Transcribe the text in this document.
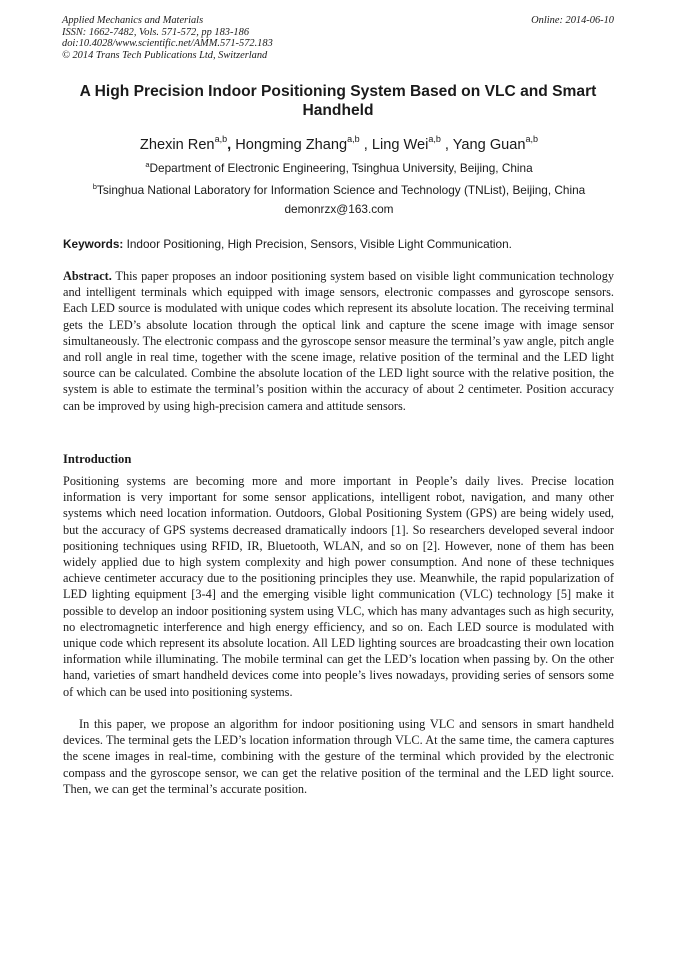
Applied Mechanics and Materials
ISSN: 1662-7482, Vols. 571-572, pp 183-186
doi:10.4028/www.scientific.net/AMM.571-572.183
© 2014 Trans Tech Publications Ltd, Switzerland
Online: 2014-06-10
A High Precision Indoor Positioning System Based on VLC and Smart Handheld
Zhexin Ren$^{a,b}$, Hongming Zhang$^{a,b}$ , Ling Wei$^{a,b}$ , Yang Guan$^{a,b}$
$^a$Department of Electronic Engineering, Tsinghua University, Beijing, China
$^b$Tsinghua National Laboratory for Information Science and Technology (TNList), Beijing, China
demonrzx@163.com
Keywords: Indoor Positioning, High Precision, Sensors, Visible Light Communication.
Abstract. This paper proposes an indoor positioning system based on visible light communication technology and intelligent terminals which equipped with image sensors, electronic compasses and gyroscope sensors. Each LED source is modulated with unique codes which represent its absolute location. The receiving terminal gets the LED’s absolute location through the optical link and capture the scene image with image sensor simultaneously. The electronic compass and the gyroscope sensor measure the terminal’s yaw angle, pitch angle and roll angle in real time, together with the scene image, relative position of the terminal and the LED light source can be calculated. Combine the absolute location of the LED light source with the relative position, the system is able to estimate the terminal’s position within the accuracy of about 2 centimeter. Position accuracy can be improved by using high-precision camera and attitude sensors.
Introduction
Positioning systems are becoming more and more important in People’s daily lives. Precise location information is very important for some sensor applications, intelligent robot, navigation, and many other systems which need location information. Outdoors, Global Positioning System (GPS) are being widely used, but the accuracy of GPS systems decreased dramatically indoors [1]. So researchers developed several indoor positioning techniques using RFID, IR, Bluetooth, WLAN, and so on [2]. However, none of them has been widely applied due to high system complexity and high power consumption. And none of these techniques achieve centimeter accuracy due to the positioning principles they use. Meanwhile, the rapid popularization of LED lighting equipment [3-4] and the emerging visible light communication (VLC) technology [5] make it possible to develop an indoor positioning system using VLC, which has many advantages such as high security, no electromagnetic interference and high energy efficiency, and so on. Each LED source is modulated with unique code which represent its absolute location. All LED lighting sources are broadcasting their own location information while illuminating. The mobile terminal can get the LED’s location when passing by. On the other hand, varieties of smart handheld devices come into people’s lives nowadays, providing series of sensors some of which can be used into positioning systems.
In this paper, we propose an algorithm for indoor positioning using VLC and sensors in smart handheld devices. The terminal gets the LED’s location information through VLC. At the same time, the camera captures the scene images in real-time, combining with the gesture of the terminal which provided by the electronic compass and the gyroscope sensor, we can get the relative position of the terminal and the LED light source. Then, we can get the terminal’s accurate position.
